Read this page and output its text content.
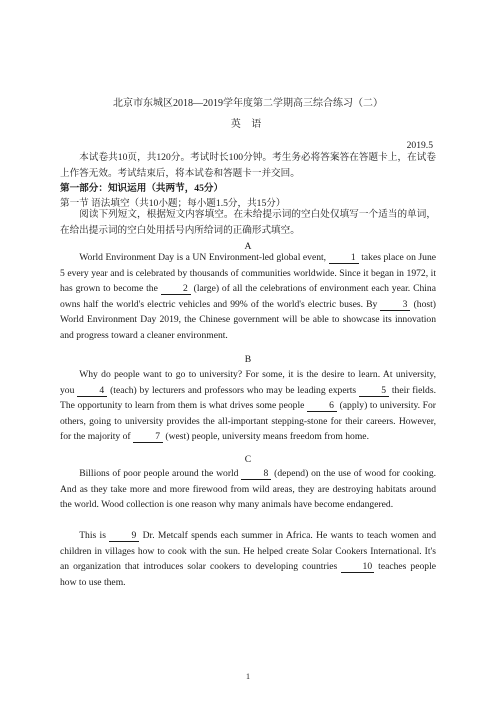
北京市东城区2018—2019学年度第二学期高三综合练习（二）
英 语
2019.5
本试卷共10页，共120分。考试时长100分钟。考生务必将答案答在答题卡上，在试卷上作答无效。考试结束后，将本试卷和答题卡一并交回。
第一部分：知识运用（共两节，45分）
第一节 语法填空（共10小题；每小题1.5分，共15分）
阅读下列短文，根据短文内容填空。在未给提示词的空白处仅填写一个适当的单词，在给出提示词的空白处用括号内所给词的正确形式填空。
A
World Environment Day is a UN Environment-led global event,	1 takes place on June 5 every year and is celebrated by thousands of communities worldwide. Since it began in 1972, it has grown to become the	2 (large) of all the celebrations of environment each year. China owns half the world's electric vehicles and 99% of the world's electric buses. By	3 (host) World Environment Day 2019, the Chinese government will be able to showcase its innovation and progress toward a cleaner environment.
B
Why do people want to go to university? For some, it is the desire to learn. At university, you	4 (teach) by lecturers and professors who may be leading experts	5 their fields. The opportunity to learn from them is what drives some people	6 (apply) to university. For others, going to university provides the all-important stepping-stone for their careers. However, for the majority of	7 (west) people, university means freedom from home.
C
Billions of poor people around the world	8 (depend) on the use of wood for cooking. And as they take more and more firewood from wild areas, they are destroying habitats around the world. Wood collection is one reason why many animals have become endangered.
This is	9 Dr. Metcalf spends each summer in Africa. He wants to teach women and children in villages how to cook with the sun. He helped create Solar Cookers International. It's an organization that introduces solar cookers to developing countries	10 teaches people how to use them.
1
